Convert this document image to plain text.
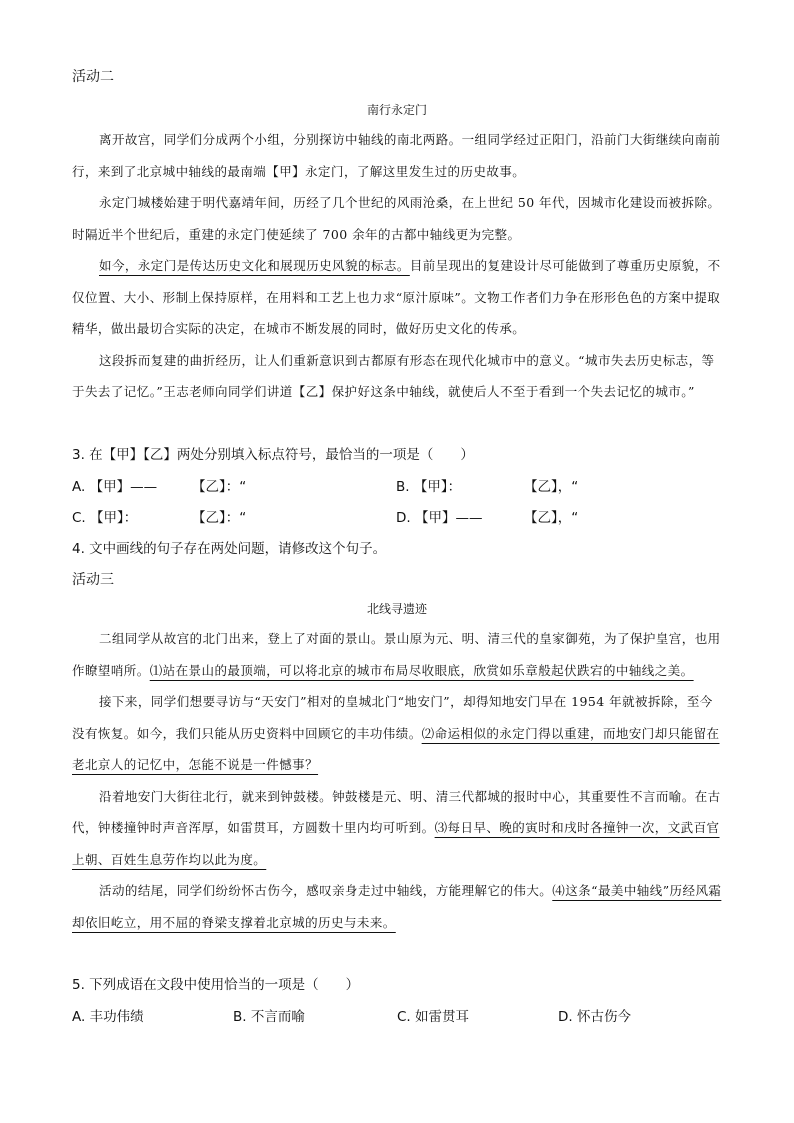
活动二
南行永定门

离开故宫，同学们分成两个小组，分别探访中轴线的南北两路。一组同学经过正阳门，沿前门大街继续向南前行，来到了北京城中轴线的最南端【甲】永定门，了解这里发生过的历史故事。

永定门城楼始建于明代嘉靖年间，历经了几个世纪的风雨沧桑，在上世纪 50 年代，因城市化建设而被拆除。时隔近半个世纪后，重建的永定门使延续了 700 余年的古都中轴线更为完整。

如今，永定门是传达历史文化和展现历史风貌的标志。目前呈现出的复建设计尽可能做到了尊重历史原貌，不仅位置、大小、形制上保持原样，在用料和工艺上也力求“原汁原味”。文物工作者们力争在形形色色的方案中提取精华，做出最切合实际的决定，在城市不断发展的同时，做好历史文化的传承。

这段拆而复建的曲折经历，让人们重新意识到古都原有形态在现代化城市中的意义。“城市失去历史标志，等于失去了记忆。”王志老师向同学们讲道【乙】保护好这条中轴线，就使后人不至于看到一个失去记忆的城市。”

3. 在【甲】【乙】两处分别填入标点符号，最恰当的一项是（　　）
A. 【甲】——	【乙】：“	B. 【甲】：	【乙】，“
C. 【甲】：	【乙】：“	D. 【甲】——	【乙】，“
4. 文中画线的句子存在两处问题，请修改这个句子。
活动三
北线寻遗迹

二组同学从故宫的北门出来，登上了对面的景山。景山原为元、明、清三代的皇家御苑，为了保护皇宫，也用作瞭望哨所。⑴站在景山的最顶端，可以将北京的城市布局尽收眼底，欣赏如乐章般起伏跌宕的中轴线之美。

接下来，同学们想要寻访与“天安门”相对的皇城北门“地安门”，却得知地安门早在 1954 年就被拆除，至今没有恢复。如今，我们只能从历史资料中回顾它的丰功伟绩。⑵命运相似的永定门得以重建，而地安门却只能留在老北京人的记忆中，怎能不说是一件憾事？

沿着地安门大街往北行，就来到钟鼓楼。钟鼓楼是元、明、清三代都城的报时中心，其重要性不言而喻。在古代，钟楼撞钟时声音浑厚，如雷贯耳，方圆数十里内均可听到。⑶每日早、晚的寅时和戌时各撞钟一次，文武百官上朝、百姓生息劳作均以此为度。

活动的结尾，同学们纷纷怀古伤今，感叹亲身走过中轴线，方能理解它的伟大。⑷这条“最美中轴线”历经风霜却依旧屹立，用不屈的脊梁支撑着北京城的历史与未来。

5. 下列成语在文段中使用恰当的一项是（　　）
A. 丰功伟绩	B. 不言而喻	C. 如雷贯耳	D. 怀古伤今
